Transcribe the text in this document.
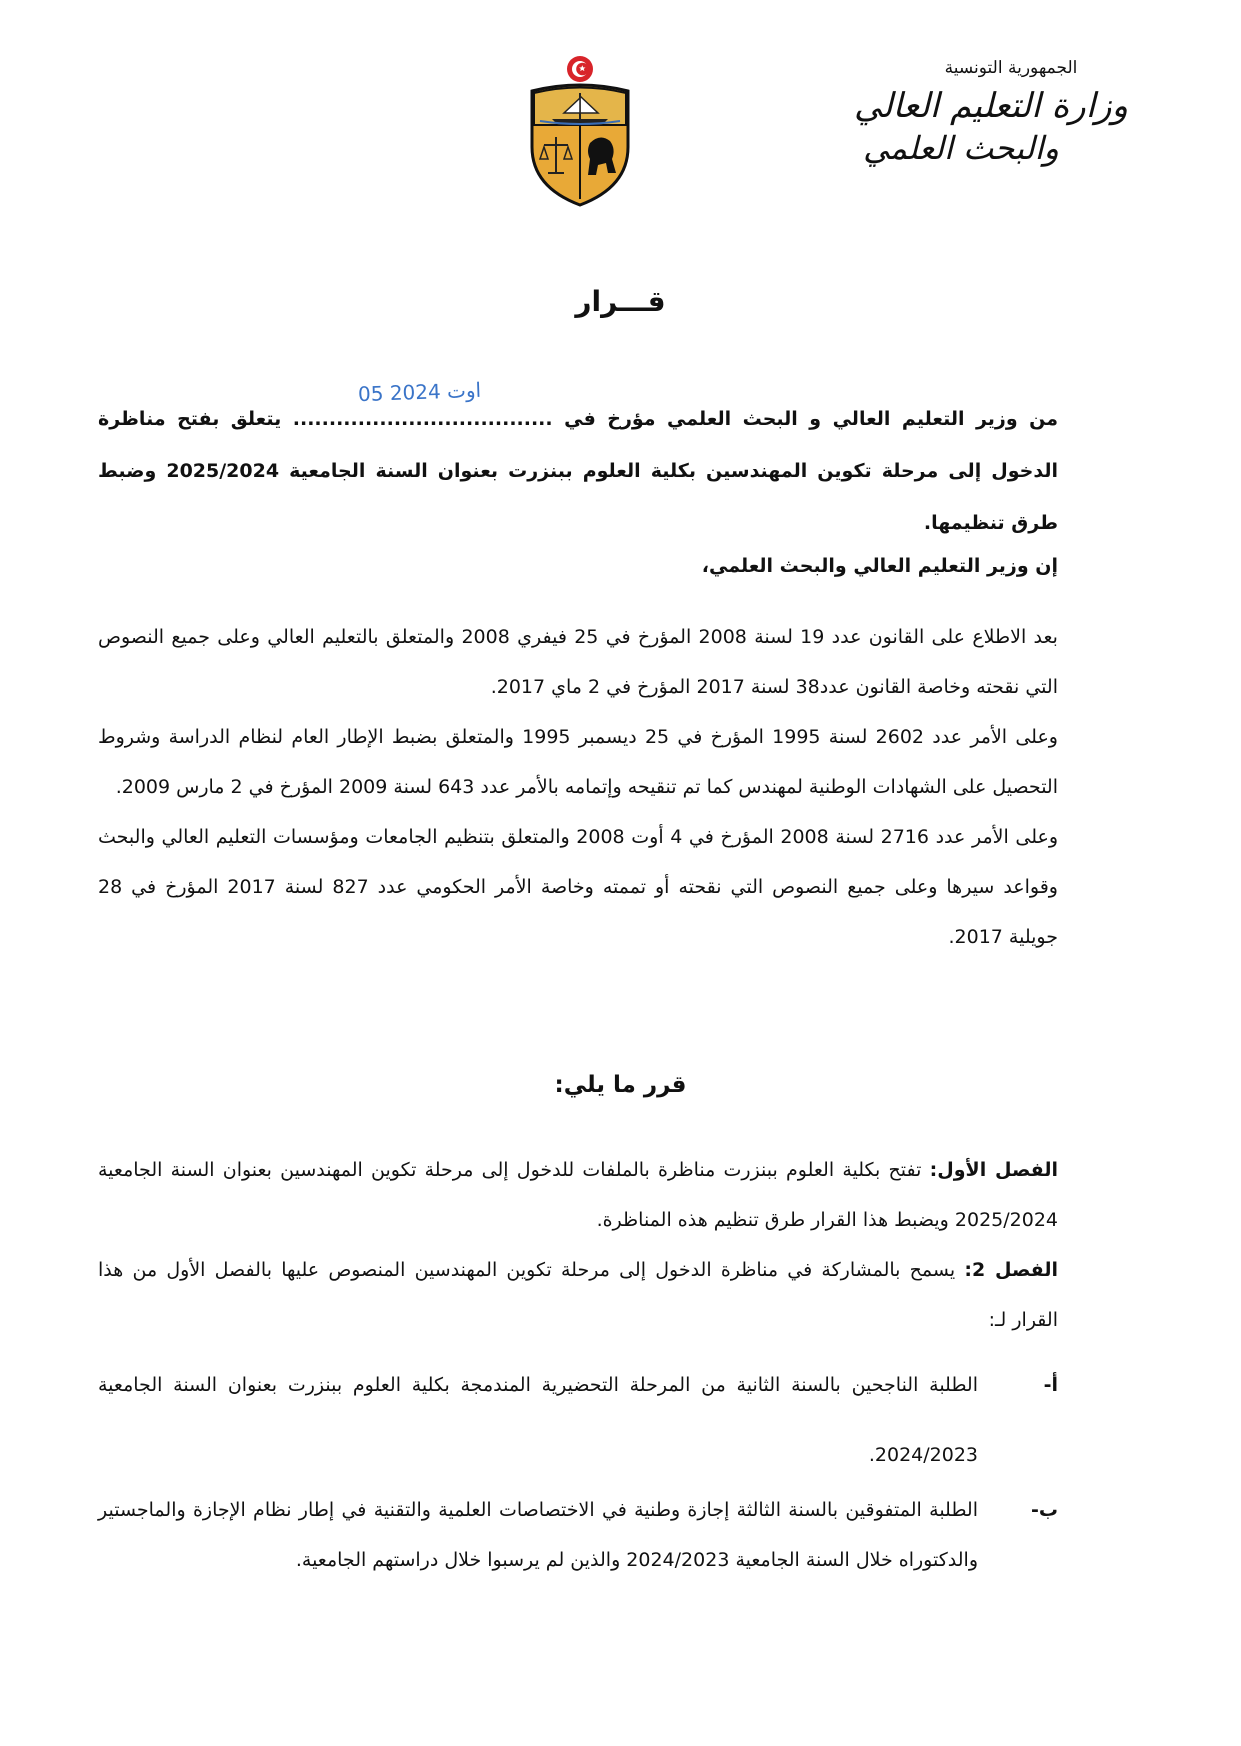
الجمهورية التونسية
وزارة التعليم العالي
والبحث العلمي
قـــرار
05 اوت 2024
من وزير التعليم العالي و البحث العلمي مؤرخ في .................................... يتعلق بفتح مناظرة الدخول إلى مرحلة تكوين المهندسين بكلية العلوم ببنزرت بعنوان السنة الجامعية 2025/2024 وضبط طرق تنظيمها.
إن وزير التعليم العالي والبحث العلمي،

بعد الاطلاع على القانون عدد 19 لسنة 2008 المؤرخ في 25 فيفري 2008 والمتعلق بالتعليم العالي وعلى جميع النصوص التي نقحته وخاصة القانون عدد38 لسنة 2017 المؤرخ في 2 ماي 2017.

وعلى الأمر عدد 2602 لسنة 1995 المؤرخ في 25 ديسمبر 1995 والمتعلق بضبط الإطار العام لنظام الدراسة وشروط التحصيل على الشهادات الوطنية لمهندس كما تم تنقيحه وإتمامه بالأمر عدد 643 لسنة 2009 المؤرخ في 2 مارس 2009.

وعلى الأمر عدد 2716 لسنة 2008 المؤرخ في 4 أوت 2008 والمتعلق بتنظيم الجامعات ومؤسسات التعليم العالي والبحث وقواعد سيرها وعلى جميع النصوص التي نقحته أو تممته وخاصة الأمر الحكومي عدد 827 لسنة 2017 المؤرخ في 28 جويلية 2017.

قرر ما يلي:

الفصل الأول: تفتح بكلية العلوم ببنزرت مناظرة بالملفات للدخول إلى مرحلة تكوين المهندسين بعنوان السنة الجامعية 2025/2024 ويضبط هذا القرار طرق تنظيم هذه المناظرة.

الفصل 2: يسمح بالمشاركة في مناظرة الدخول إلى مرحلة تكوين المهندسين المنصوص عليها بالفصل الأول من هذا القرار لـ:

أ-
الطلبة الناجحين بالسنة الثانية من المرحلة التحضيرية المندمجة بكلية العلوم ببنزرت بعنوان السنة الجامعية 2024/2023.
ب-
الطلبة المتفوقين بالسنة الثالثة إجازة وطنية في الاختصاصات العلمية والتقنية في إطار نظام الإجازة والماجستير والدكتوراه خلال السنة الجامعية 2024/2023 والذين لم يرسبوا خلال دراستهم الجامعية.
